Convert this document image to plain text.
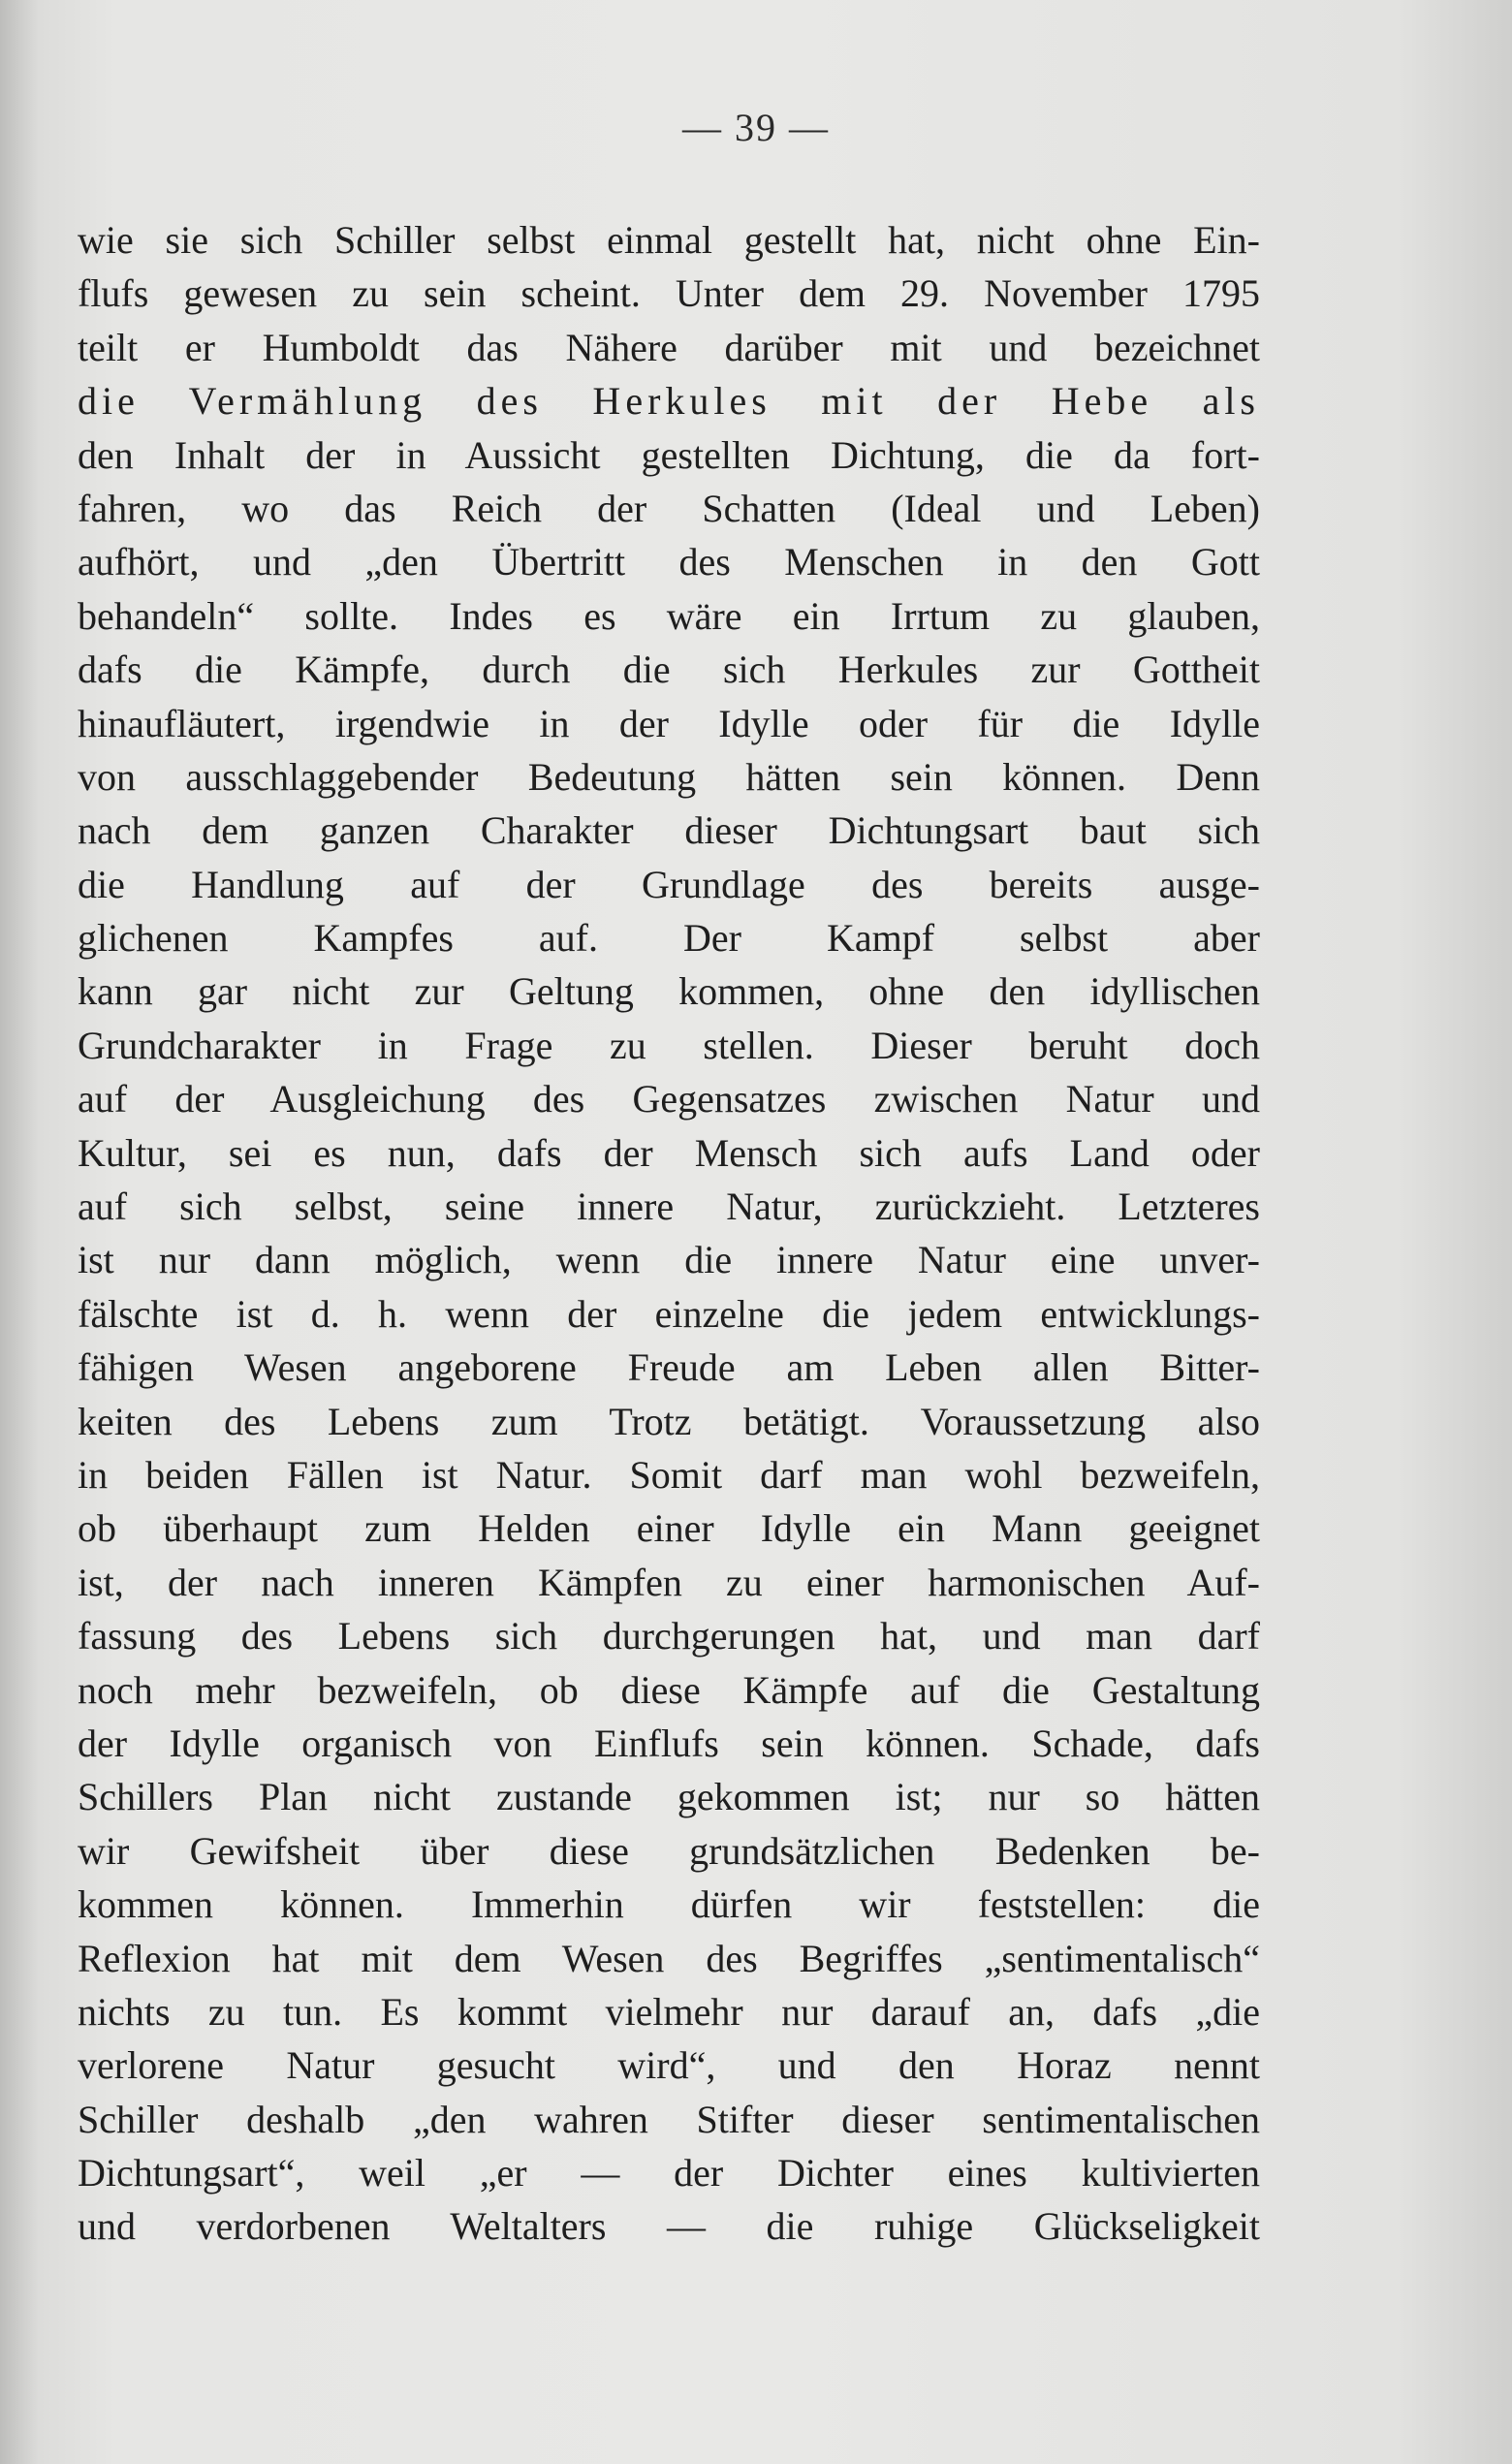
— 39 —
wie sie sich Schiller selbst einmal gestellt hat, nicht ohne Ein-
flufs gewesen zu sein scheint. Unter dem 29. November 1795
teilt er Humboldt das Nähere darüber mit und bezeichnet
die Vermählung des Herkules mit der Hebe als
den Inhalt der in Aussicht gestellten Dichtung, die da fort-
fahren, wo das Reich der Schatten (Ideal und Leben)
aufhört, und „den Übertritt des Menschen in den Gott
behandeln“ sollte. Indes es wäre ein Irrtum zu glauben,
dafs die Kämpfe, durch die sich Herkules zur Gottheit
hinaufläutert, irgendwie in der Idylle oder für die Idylle
von ausschlaggebender Bedeutung hätten sein können. Denn
nach dem ganzen Charakter dieser Dichtungsart baut sich
die Handlung auf der Grundlage des bereits ausge-
glichenen Kampfes auf. Der Kampf selbst aber
kann gar nicht zur Geltung kommen, ohne den idyllischen
Grundcharakter in Frage zu stellen. Dieser beruht doch
auf der Ausgleichung des Gegensatzes zwischen Natur und
Kultur, sei es nun, dafs der Mensch sich aufs Land oder
auf sich selbst, seine innere Natur, zurückzieht. Letzteres
ist nur dann möglich, wenn die innere Natur eine unver-
fälschte ist d. h. wenn der einzelne die jedem entwicklungs-
fähigen Wesen angeborene Freude am Leben allen Bitter-
keiten des Lebens zum Trotz betätigt. Voraussetzung also
in beiden Fällen ist Natur. Somit darf man wohl bezweifeln,
ob überhaupt zum Helden einer Idylle ein Mann geeignet
ist, der nach inneren Kämpfen zu einer harmonischen Auf-
fassung des Lebens sich durchgerungen hat, und man darf
noch mehr bezweifeln, ob diese Kämpfe auf die Gestaltung
der Idylle organisch von Einflufs sein können. Schade, dafs
Schillers Plan nicht zustande gekommen ist; nur so hätten
wir Gewifsheit über diese grundsätzlichen Bedenken be-
kommen können. Immerhin dürfen wir feststellen: die
Reflexion hat mit dem Wesen des Begriffes „sentimentalisch“
nichts zu tun. Es kommt vielmehr nur darauf an, dafs „die
verlorene Natur gesucht wird“, und den Horaz nennt
Schiller deshalb „den wahren Stifter dieser sentimentalischen
Dichtungsart“, weil „er — der Dichter eines kultivierten
und verdorbenen Weltalters — die ruhige Glückseligkeit
